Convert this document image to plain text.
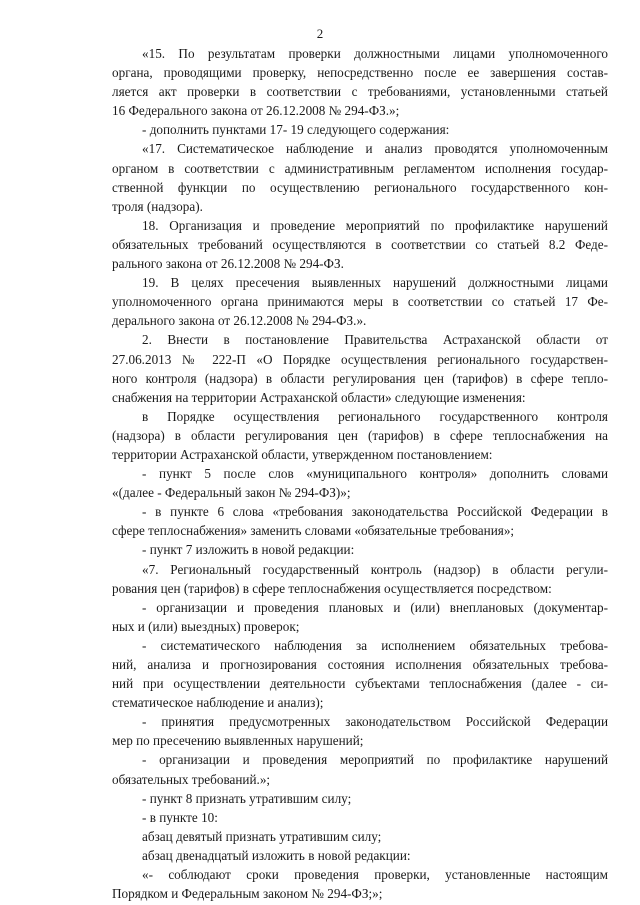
2
«15. По результатам проверки должностными лицами уполномоченного
органа, проводящими проверку, непосредственно после ее завершения состав-
ляется акт проверки в соответствии с требованиями, установленными статьей
16 Федерального закона от 26.12.2008 № 294-ФЗ.»;
- дополнить пунктами 17- 19 следующего содержания:
«17. Систематическое наблюдение и анализ проводятся уполномоченным
органом в соответствии с административным регламентом исполнения государ-
ственной функции по осуществлению регионального государственного кон-
троля (надзора).
18. Организация и проведение мероприятий по профилактике нарушений
обязательных требований осуществляются в соответствии со статьей 8.2 Феде-
рального закона от 26.12.2008 № 294-ФЗ.
19. В целях пресечения выявленных нарушений должностными лицами
уполномоченного органа принимаются меры в соответствии со статьей 17 Фе-
дерального закона от 26.12.2008 № 294-ФЗ.».
2. Внести в постановление Правительства Астраханской области от
27.06.2013 № 222-П «О Порядке осуществления регионального государствен-
ного контроля (надзора) в области регулирования цен (тарифов) в сфере тепло-
снабжения на территории Астраханской области» следующие изменения:
в Порядке осуществления регионального государственного контроля
(надзора) в области регулирования цен (тарифов) в сфере теплоснабжения на
территории Астраханской области, утвержденном постановлением:
- пункт 5 после слов «муниципального контроля» дополнить словами
«(далее - Федеральный закон № 294-ФЗ)»;
- в пункте 6 слова «требования законодательства Российской Федерации в
сфере теплоснабжения» заменить словами «обязательные требования»;
- пункт 7 изложить в новой редакции:
«7. Региональный государственный контроль (надзор) в области регули-
рования цен (тарифов) в сфере теплоснабжения осуществляется посредством:
- организации и проведения плановых и (или) внеплановых (документар-
ных и (или) выездных) проверок;
- систематического наблюдения за исполнением обязательных требова-
ний, анализа и прогнозирования состояния исполнения обязательных требова-
ний при осуществлении деятельности субъектами теплоснабжения (далее - си-
стематическое наблюдение и анализ);
- принятия предусмотренных законодательством Российской Федерации
мер по пресечению выявленных нарушений;
- организации и проведения мероприятий по профилактике нарушений
обязательных требований.»;
- пункт 8 признать утратившим силу;
- в пункте 10:
абзац девятый признать утратившим силу;
абзац двенадцатый изложить в новой редакции:
«- соблюдают сроки проведения проверки, установленные настоящим
Порядком и Федеральным законом № 294-ФЗ;»;
